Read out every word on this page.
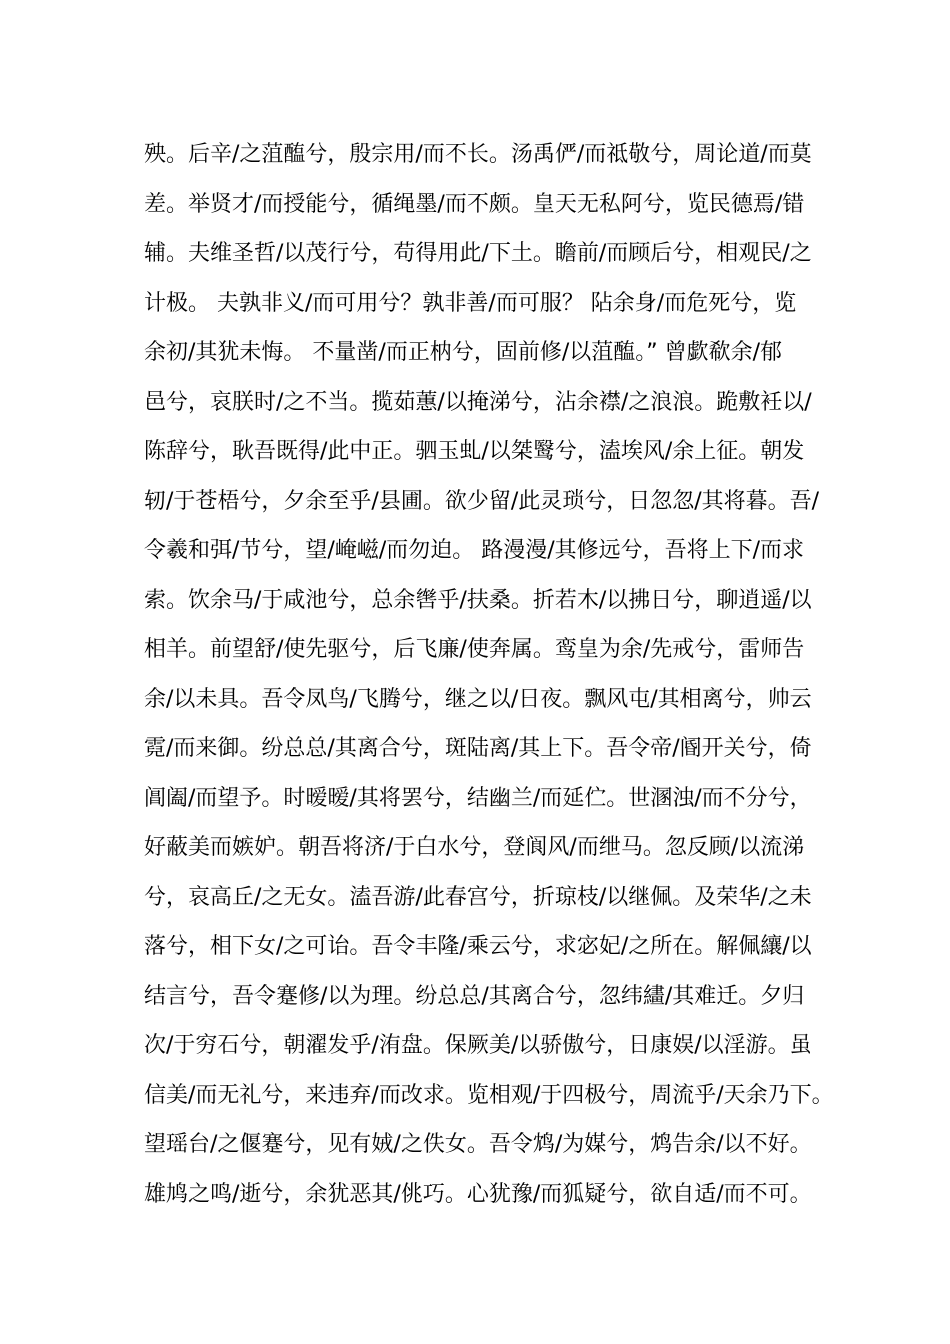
殃。后辛/之菹醢兮，殷宗用/而不长。汤禹俨/而祗敬兮，周论道/而莫
差。举贤才/而授能兮，循绳墨/而不颇。皇天无私阿兮，览民德焉/错
辅。夫维圣哲/以茂行兮，苟得用此/下土。瞻前/而顾后兮，相观民/之
计极。 夫孰非义/而可用兮？孰非善/而可服？ 阽余身/而危死兮，览
余初/其犹未悔。 不量凿/而正枘兮，固前修/以菹醢。” 曾歔欷余/郁
邑兮，哀朕时/之不当。揽茹蕙/以掩涕兮，沾余襟/之浪浪。跪敷衽以/
陈辞兮，耿吾既得/此中正。驷玉虬/以桀鹥兮，溘埃风/余上征。朝发
轫/于苍梧兮，夕余至乎/县圃。欲少留/此灵琐兮，日忽忽/其将暮。吾/
令羲和弭/节兮，望/崦嵫/而勿迫。 路漫漫/其修远兮，吾将上下/而求
索。饮余马/于咸池兮，总余辔乎/扶桑。折若木/以拂日兮，聊逍遥/以
相羊。前望舒/使先驱兮，后飞廉/使奔属。鸾皇为余/先戒兮，雷师告
余/以未具。吾令凤鸟/飞腾兮，继之以/日夜。飘风屯/其相离兮，帅云
霓/而来御。纷总总/其离合兮，斑陆离/其上下。吾令帝/阍开关兮，倚
阊阖/而望予。时暧暧/其将罢兮，结幽兰/而延伫。世溷浊/而不分兮，
好蔽美而嫉妒。朝吾将济/于白水兮，登阆风/而绁马。忽反顾/以流涕
兮，哀高丘/之无女。溘吾游/此春宫兮，折琼枝/以继佩。及荣华/之未
落兮，相下女/之可诒。吾令丰隆/乘云兮，求宓妃/之所在。解佩纕/以
结言兮，吾令蹇修/以为理。纷总总/其离合兮，忽纬繣/其难迁。夕归
次/于穷石兮，朝濯发乎/洧盘。保厥美/以骄傲兮，日康娱/以淫游。虽
信美/而无礼兮，来违弃/而改求。览相观/于四极兮，周流乎/天余乃下。
望瑶台/之偃蹇兮，见有娀/之佚女。吾令鸩/为媒兮，鸩告余/以不好。
雄鸠之鸣/逝兮，余犹恶其/佻巧。心犹豫/而狐疑兮，欲自适/而不可。
